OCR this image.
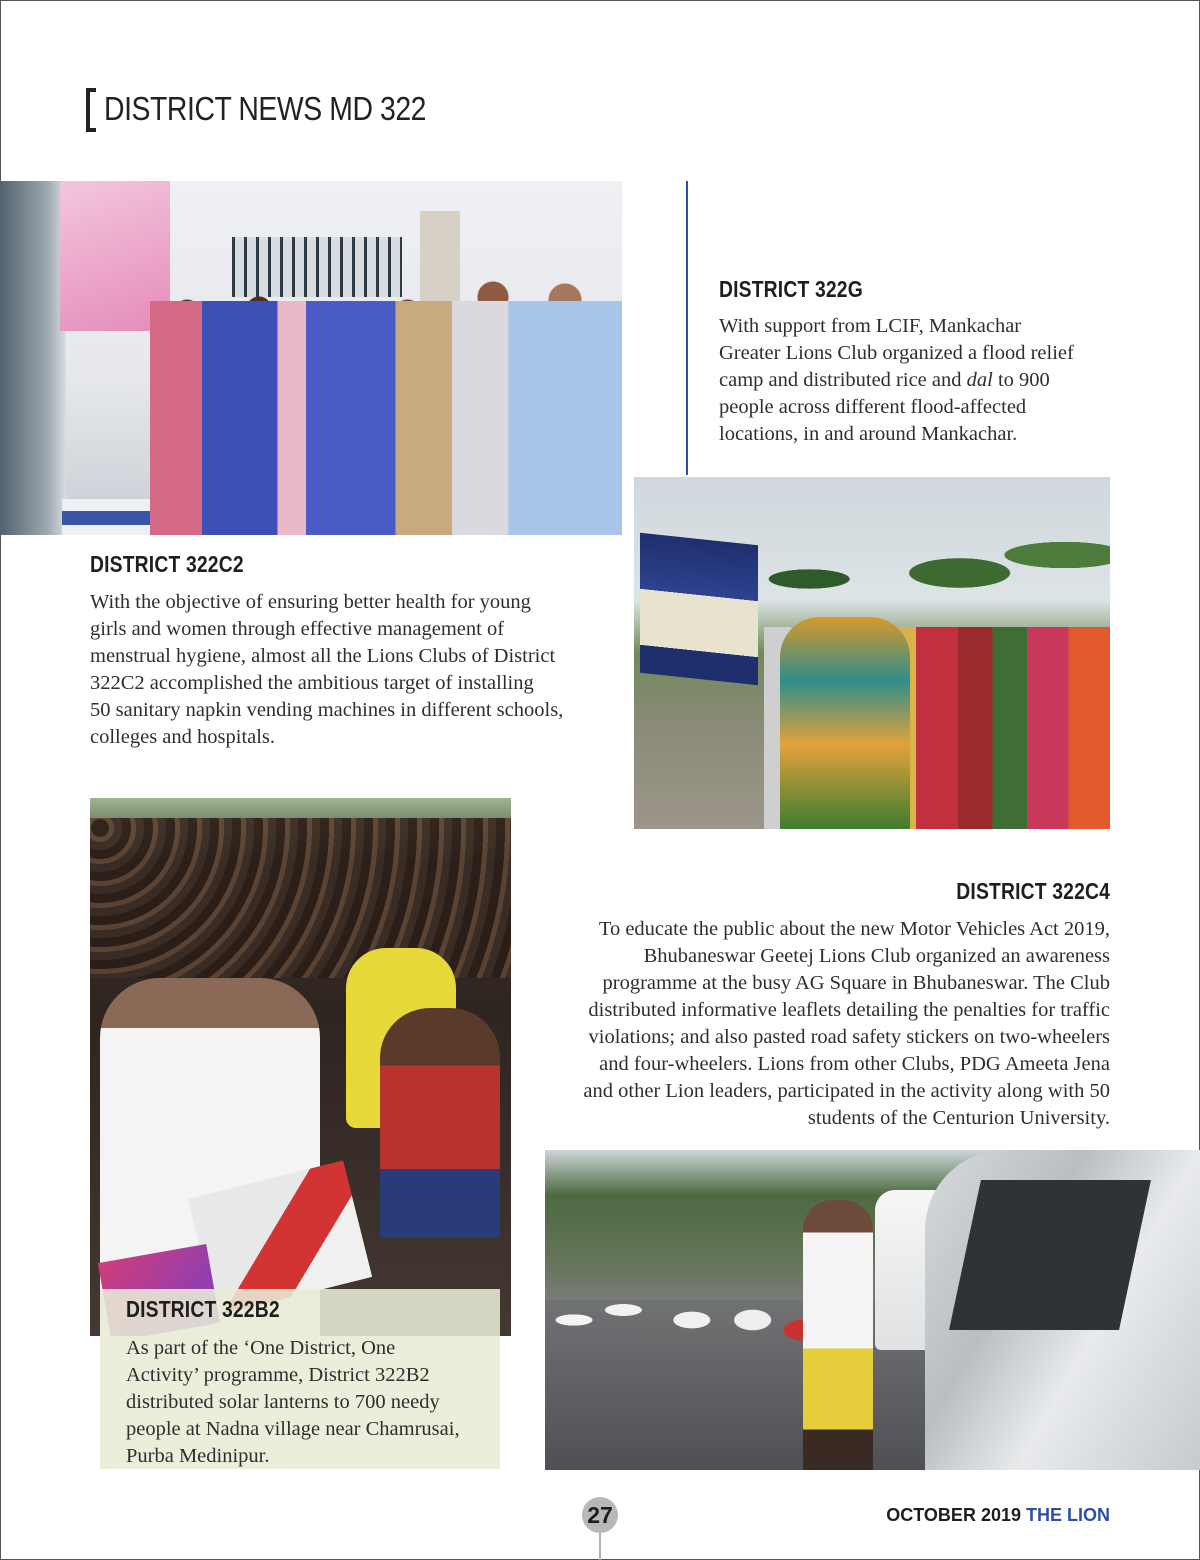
DISTRICT NEWS MD 322
DISTRICT 322G
With support from LCIF, Mankachar
Greater Lions Club organized a flood relief
camp and distributed rice and dal to 900
people across different flood-affected
locations, in and around Mankachar.
DISTRICT 322C2
With the objective of ensuring better health for young
girls and women through effective management of
menstrual hygiene, almost all the Lions Clubs of District
322C2 accomplished the ambitious target of installing
50 sanitary napkin vending machines in different schools,
colleges and hospitals.
DISTRICT 322C4
To educate the public about the new Motor Vehicles Act 2019,
Bhubaneswar Geetej Lions Club organized an awareness
programme at the busy AG Square in Bhubaneswar. The Club
distributed informative leaflets detailing the penalties for traffic
violations; and also pasted road safety stickers on two-wheelers
and four-wheelers. Lions from other Clubs, PDG Ameeta Jena
and other Lion leaders, participated in the activity along with 50
students of the Centurion University.
DISTRICT 322B2
As part of the ‘One District, One
Activity’ programme, District 322B2
distributed solar lanterns to 700 needy
people at Nadna village near Chamrusai,
Purba Medinipur.
27	OCTOBER 2019 THE LION
